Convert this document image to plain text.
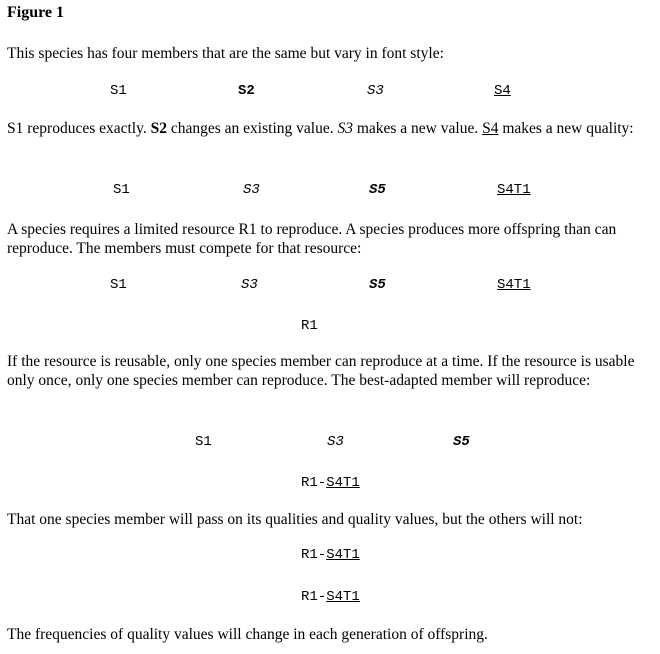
Figure 1
This species has four members that are the same but vary in font style:
S1	S2	S3	S4
S1 reproduces exactly. S2 changes an existing value. S3 makes a new value. S4 makes a new quality:
S1	S3	S5	S4T1
A species requires a limited resource R1 to reproduce. A species produces more offspring than can reproduce. The members must compete for that resource:
S1	S3	S5	S4T1
R1
If the resource is reusable, only one species member can reproduce at a time. If the resource is usable only once, only one species member can reproduce. The best-adapted member will reproduce:
S1	S3	S5
R1-S4T1
That one species member will pass on its qualities and quality values, but the others will not:
R1-S4T1
R1-S4T1
The frequencies of quality values will change in each generation of offspring.
